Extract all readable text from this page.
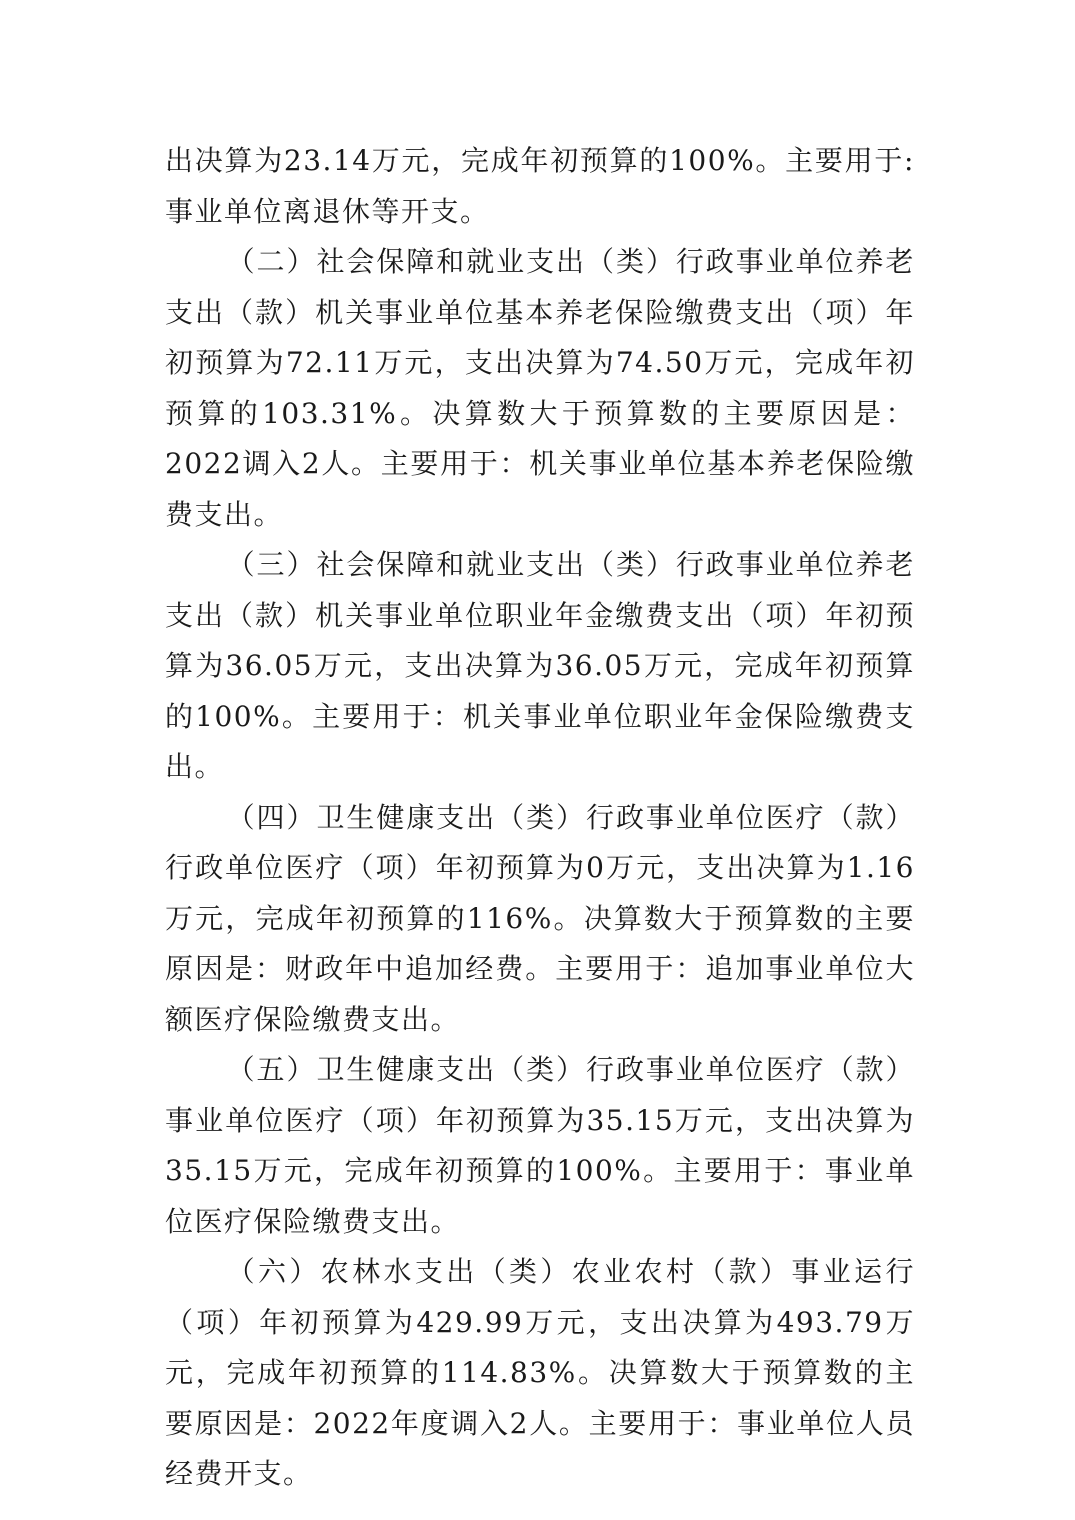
出决算为23.14万元，完成年初预算的100%。主要用于:事业单位离退休等开支。

（二）社会保障和就业支出（类）行政事业单位养老支出（款）机关事业单位基本养老保险缴费支出（项）年初预算为72.11万元，支出决算为74.50万元，完成年初预算的103.31%。决算数大于预算数的主要原因是：2022调入2人。主要用于：机关事业单位基本养老保险缴费支出。

（三）社会保障和就业支出（类）行政事业单位养老支出（款）机关事业单位职业年金缴费支出（项）年初预算为36.05万元，支出决算为36.05万元，完成年初预算的100%。主要用于：机关事业单位职业年金保险缴费支出。

（四）卫生健康支出（类）行政事业单位医疗（款）行政单位医疗（项）年初预算为0万元，支出决算为1.16万元，完成年初预算的116%。决算数大于预算数的主要原因是：财政年中追加经费。主要用于：追加事业单位大额医疗保险缴费支出。

（五）卫生健康支出（类）行政事业单位医疗（款）事业单位医疗（项）年初预算为35.15万元，支出决算为35.15万元，完成年初预算的100%。主要用于：事业单位医疗保险缴费支出。

（六）农林水支出（类）农业农村（款）事业运行（项）年初预算为429.99万元，支出决算为493.79万元，完成年初预算的114.83%。决算数大于预算数的主要原因是：2022年度调入2人。主要用于：事业单位人员经费开支。
